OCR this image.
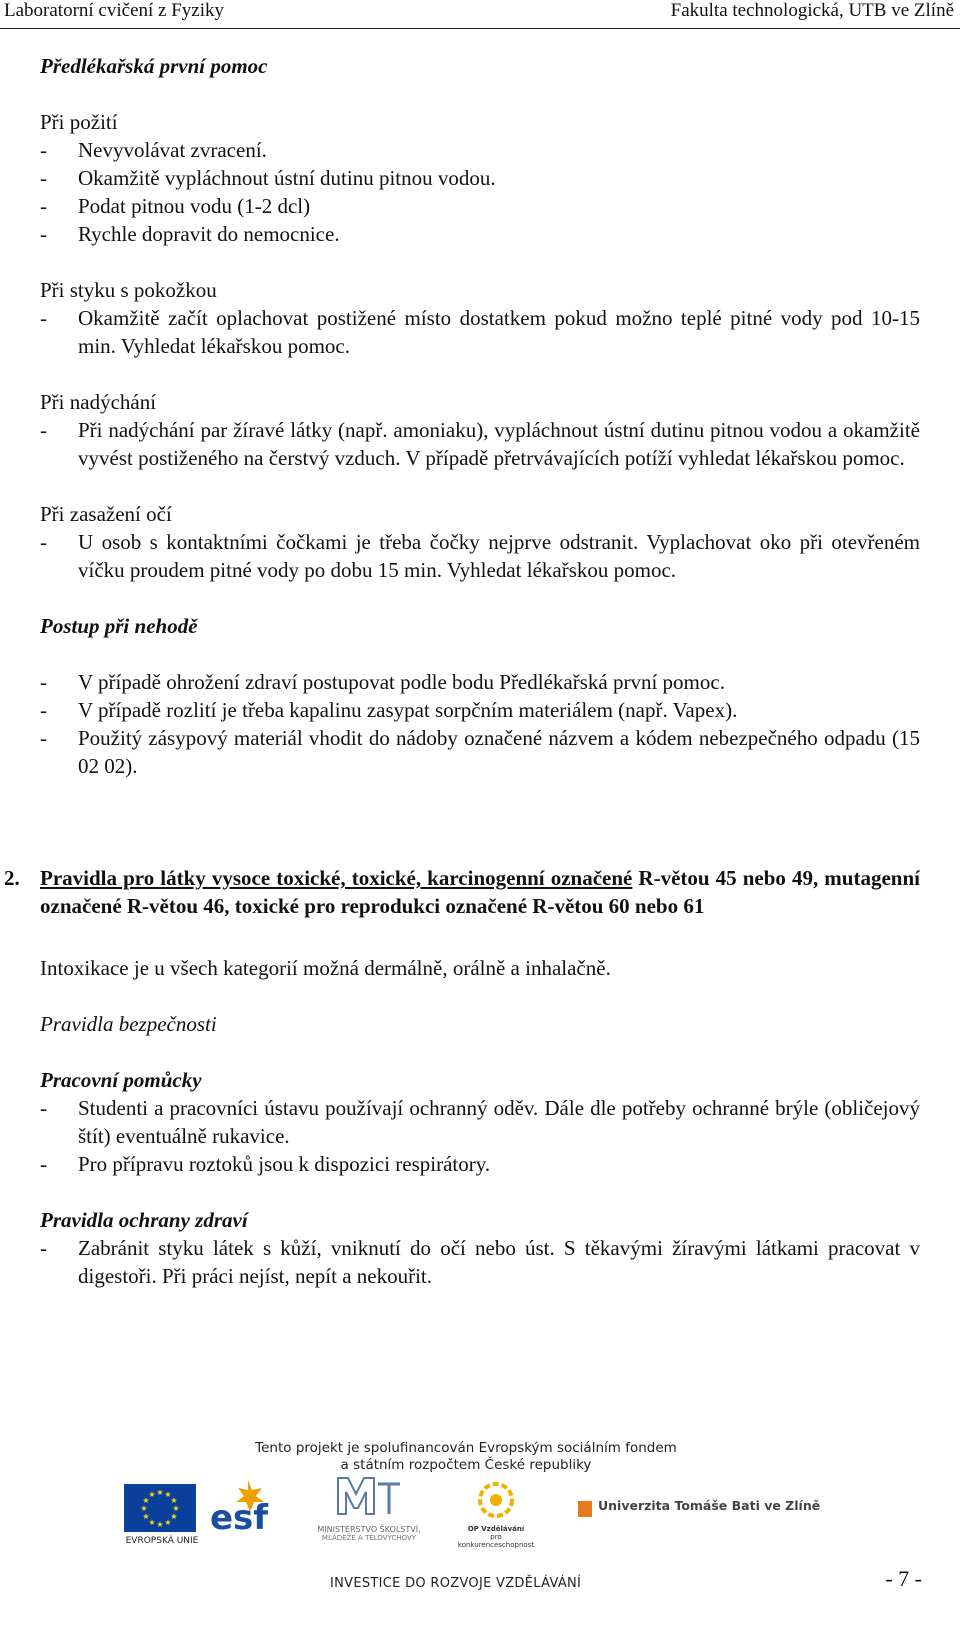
Laboratorní cvičení z Fyziky	Fakulta technologická, UTB ve Zlíně

Předlékařská první pomoc

Při požití

- Nevyvolávat zvracení.
- Okamžitě vypláchnout ústní dutinu pitnou vodou.
- Podat pitnou vodu (1-2 dcl)
- Rychle dopravit do nemocnice.

Při styku s pokožkou

- Okamžitě začít oplachovat postižené místo dostatkem pokud možno teplé pitné vody pod 10-15 min. Vyhledat lékařskou pomoc.

Při nadýchání

- Při nadýchání par žíravé látky (např. amoniaku), vypláchnout ústní dutinu pitnou vodou a okamžitě vyvést postiženého na čerstvý vzduch. V případě přetrvávajících potíží vyhledat lékařskou pomoc.

Při zasažení očí

- U osob s kontaktními čočkami je třeba čočky nejprve odstranit. Vyplachovat oko při otevřeném víčku proudem pitné vody po dobu 15 min. Vyhledat lékařskou pomoc.

Postup při nehodě

- V případě ohrožení zdraví postupovat podle bodu Předlékařská první pomoc.
- V případě rozlití je třeba kapalinu zasypat sorpčním materiálem (např. Vapex).
- Použitý zásypový materiál vhodit do nádoby označené názvem a kódem nebezpečného odpadu (15 02 02).

2. Pravidla pro látky vysoce toxické, toxické, karcinogenní označené R-větou 45 nebo 49, mutagenní označené R-větou 46, toxické pro reprodukci označené R-větou 60 nebo 61

Intoxikace je u všech kategorií možná dermálně, orálně a inhalačně.

Pravidla bezpečnosti

Pracovní pomůcky

- Studenti a pracovníci ústavu používají ochranný oděv. Dále dle potřeby ochranné brýle (obličejový štít) eventuálně rukavice.
- Pro přípravu roztoků jsou k dispozici respirátory.

Pravidla ochrany zdraví

- Zabránit styku látek s kůží, vniknutí do očí nebo úst. S těkavými žíravými látkami pracovat v digestoři. Při práci nejíst, nepít a nekouřit.
Tento projekt je spolufinancován Evropským sociálním fondem
a státním rozpočtem České republiky
★ ★
★
★
★
★
★
★
★
★
★
★
EVROPSKÁ UNIE
esf	MINISTERSTVO ŠKOLSTVÍ,
MLÁDEŽE A TĚLOVÝCHOVY
OP Vzdělávání
pro konkurenceschopnost
Univerzita Tomáše Bati ve Zlíně
INVESTICE DO ROZVOJE VZDĚLÁVÁNÍ	- 7 -
